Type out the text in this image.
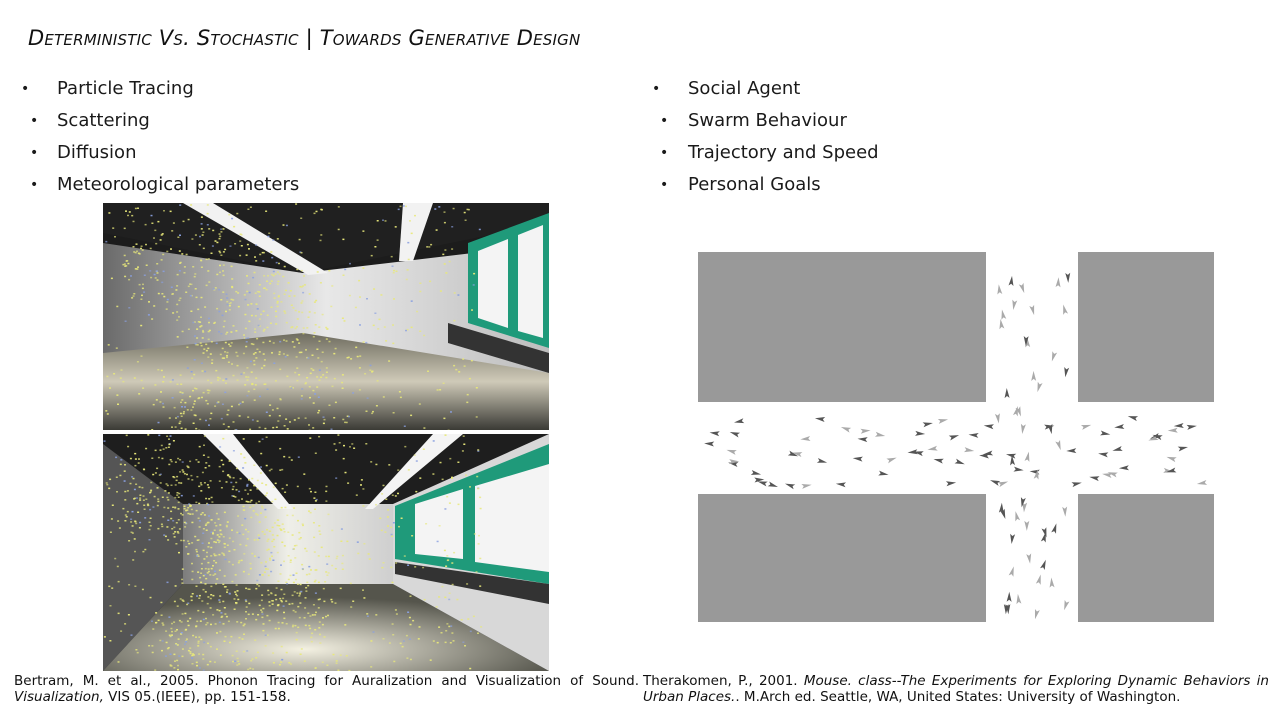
Deterministic Vs. Stochastic | Towards Generative Design
• Particle Tracing
• Scattering
• Diffusion
• Meteorological parameters
• Social Agent
• Swarm Behaviour
• Trajectory and Speed
• Personal Goals
Bertram, M. et al., 2005. Phonon Tracing for Auralization and Visualization of Sound.
Visualization, VIS 05.(IEEE), pp. 151-158.
Therakomen, P., 2001. Mouse. class--The Experiments for Exploring Dynamic Behaviors in
Urban Places.. M.Arch ed. Seattle, WA, United States: University of Washington.
